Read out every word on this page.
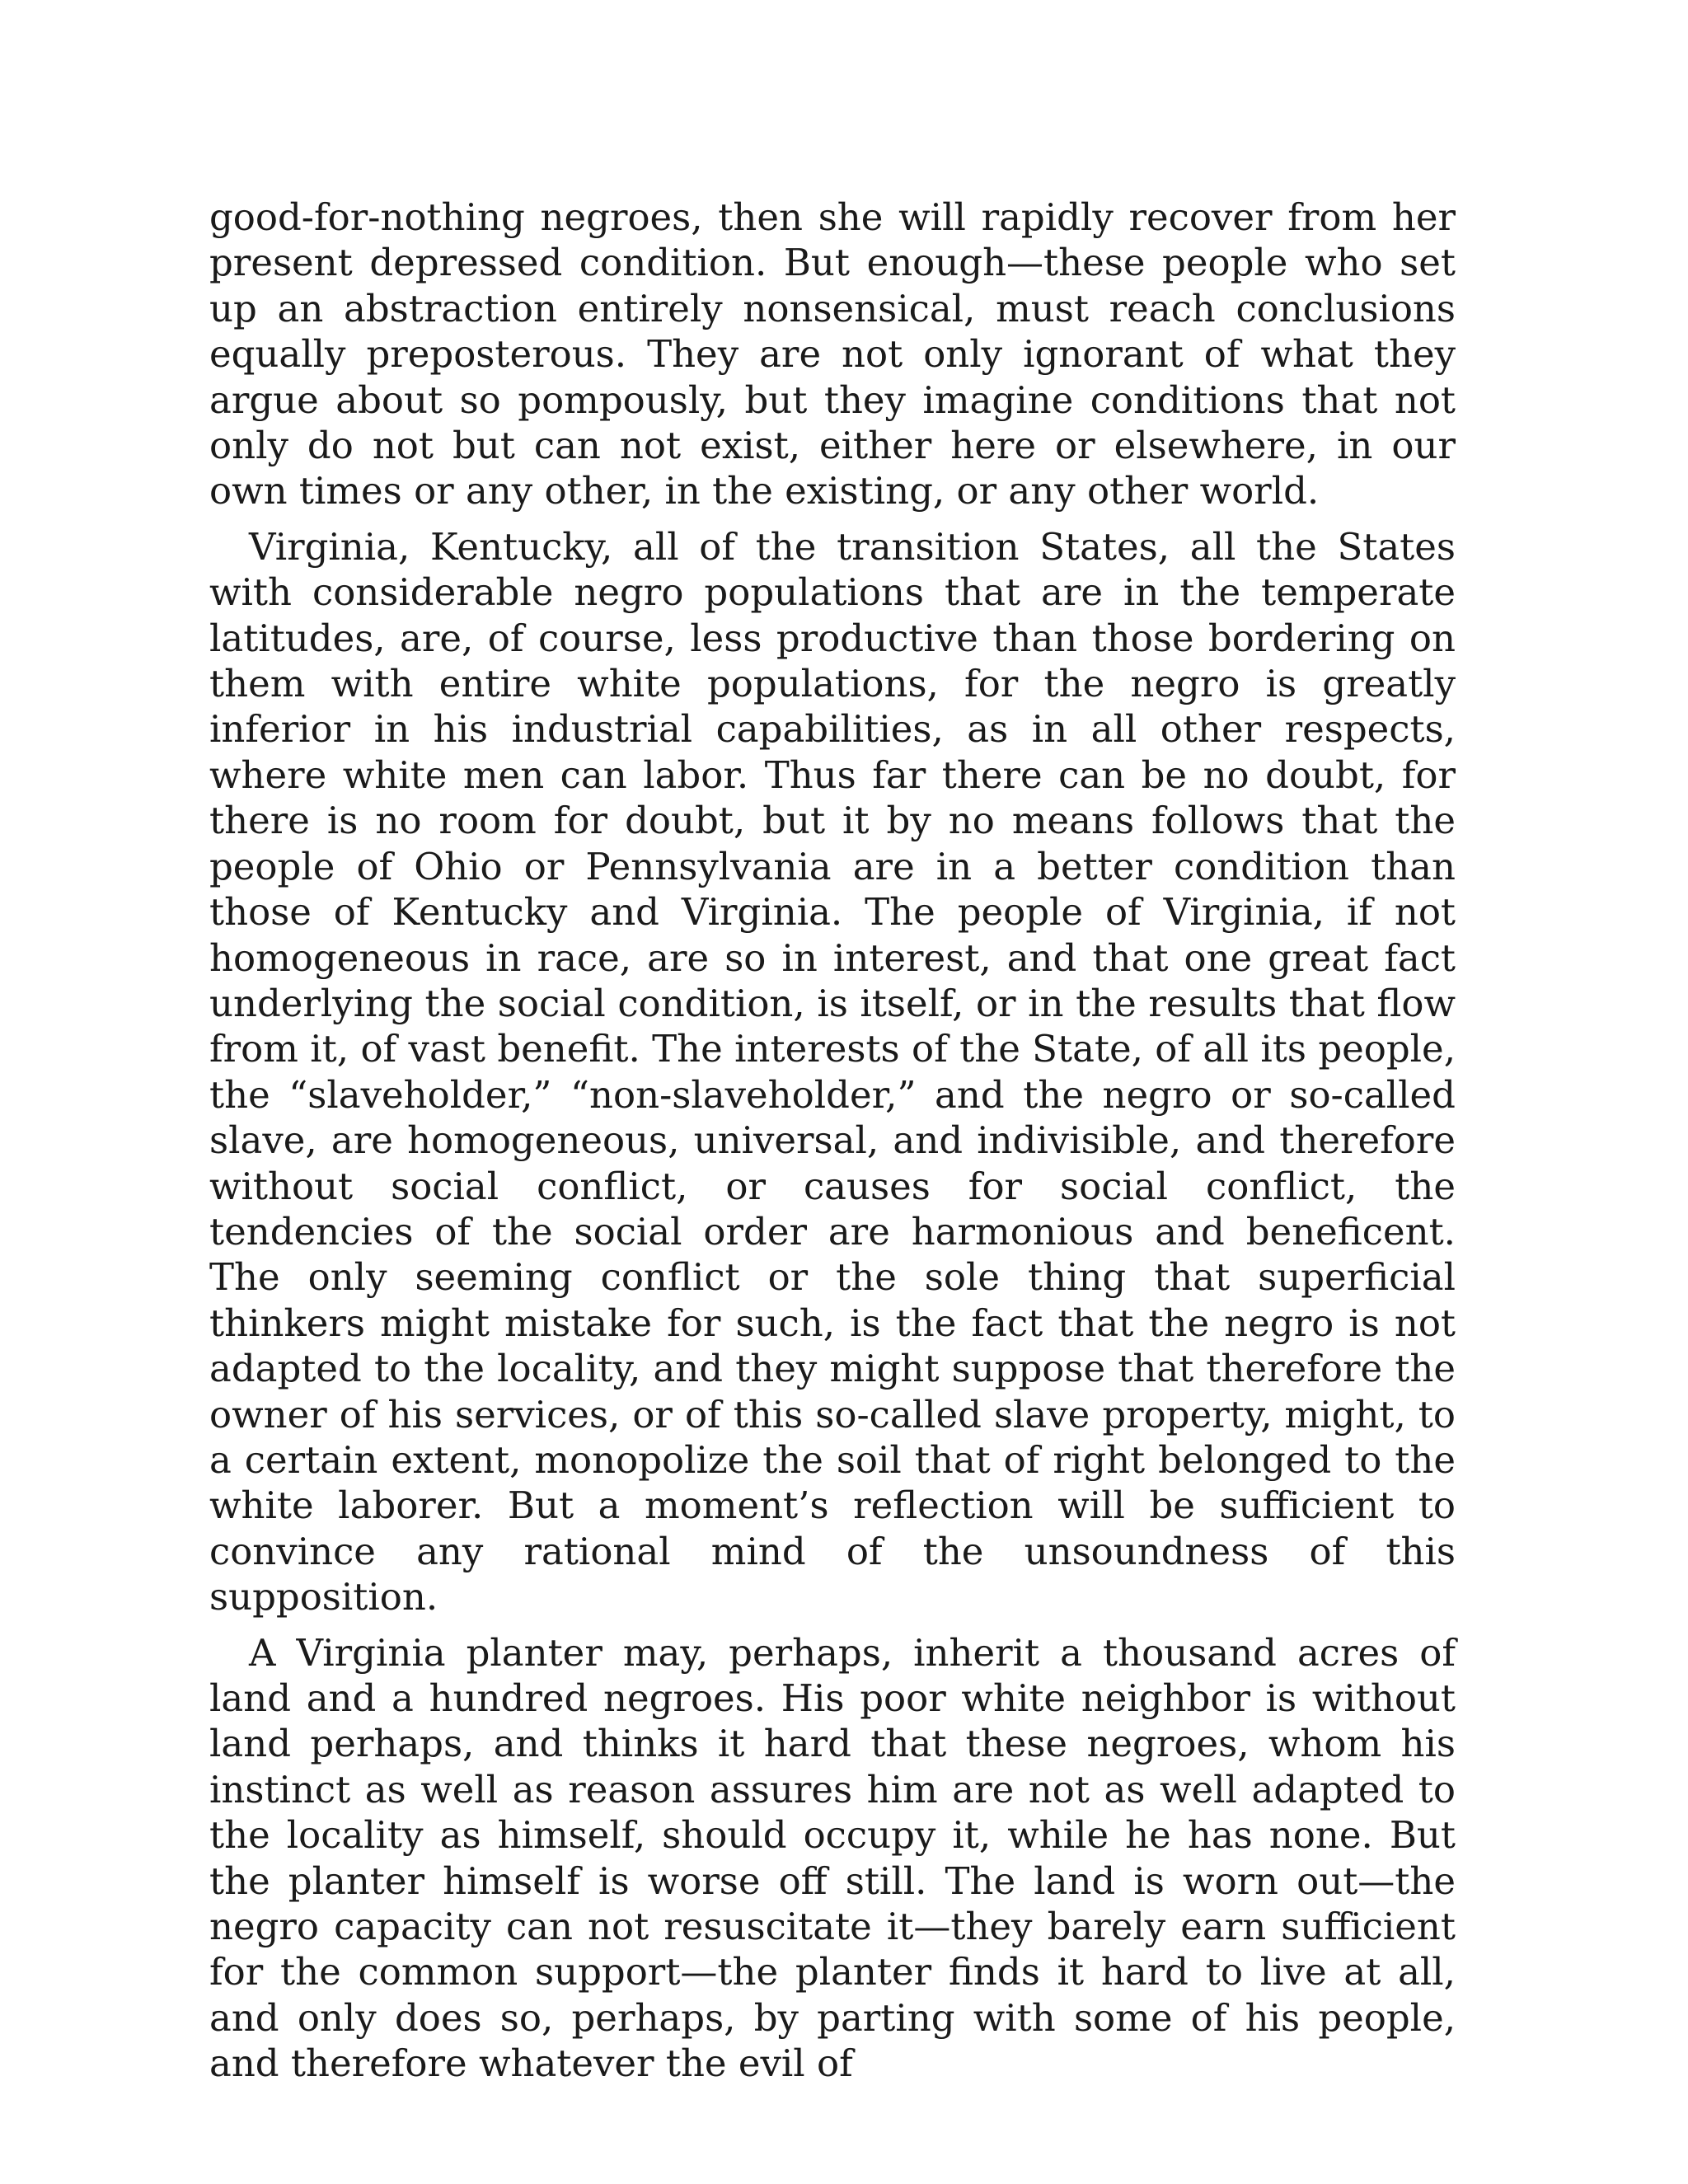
good-for-nothing negroes, then she will rapidly recover from her present depressed condition. But enough—these people who set up an abstraction entirely nonsensical, must reach conclusions equally preposterous. They are not only ignorant of what they argue about so pompously, but they imagine conditions that not only do not but can not exist, either here or elsewhere, in our own times or any other, in the existing, or any other world.

Virginia, Kentucky, all of the transition States, all the States with considerable negro populations that are in the temperate latitudes, are, of course, less productive than those bordering on them with entire white populations, for the negro is greatly inferior in his industrial capabilities, as in all other respects, where white men can labor. Thus far there can be no doubt, for there is no room for doubt, but it by no means follows that the people of Ohio or Pennsylvania are in a better condition than those of Kentucky and Virginia. The people of Virginia, if not homogeneous in race, are so in interest, and that one great fact underlying the social condition, is itself, or in the results that flow from it, of vast benefit. The interests of the State, of all its people, the “slaveholder,” “non-slaveholder,” and the negro or so-called slave, are homogeneous, universal, and indivisible, and therefore without social conflict, or causes for social conflict, the tendencies of the social order are harmonious and beneficent. The only seeming conflict or the sole thing that superficial thinkers might mistake for such, is the fact that the negro is not adapted to the locality, and they might suppose that therefore the owner of his services, or of this so-called slave property, might, to a certain extent, monopolize the soil that of right belonged to the white laborer. But a moment’s reflection will be sufficient to convince any rational mind of the unsoundness of this supposition.

A Virginia planter may, perhaps, inherit a thousand acres of land and a hundred negroes. His poor white neighbor is without land perhaps, and thinks it hard that these negroes, whom his instinct as well as reason assures him are not as well adapted to the locality as himself, should occupy it, while he has none. But the planter himself is worse off still. The land is worn out—the negro capacity can not resuscitate it—they barely earn sufficient for the common support—the planter finds it hard to live at all, and only does so, perhaps, by parting with some of his people, and therefore whatever the evil of
